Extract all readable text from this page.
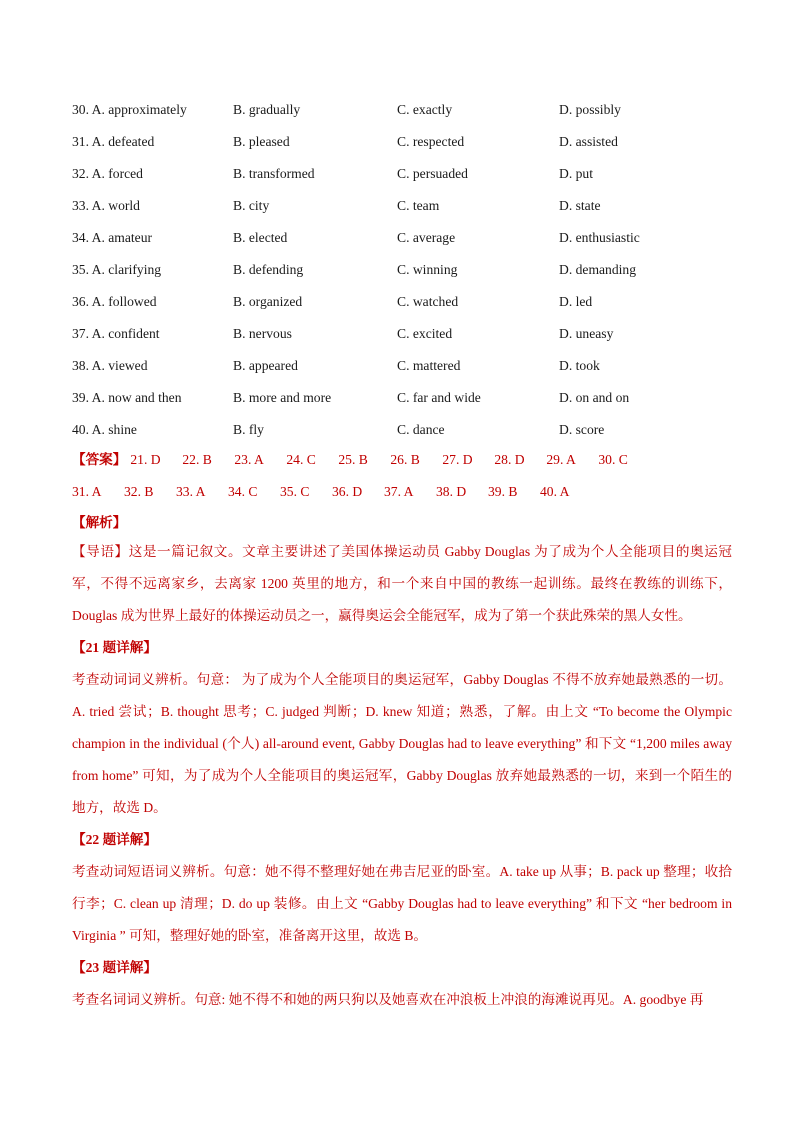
30. A. approximately	B. gradually	C. exactly	D. possibly
31. A. defeated	B. pleased	C. respected	D. assisted
32. A. forced	B. transformed	C. persuaded	D. put
33. A. world	B. city	C. team	D. state
34. A. amateur	B. elected	C. average	D. enthusiastic
35. A. clarifying	B. defending	C. winning	D. demanding
36. A. followed	B. organized	C. watched	D. led
37. A. confident	B. nervous	C. excited	D. uneasy
38. A. viewed	B. appeared	C. mattered	D. took
39. A. now and then	B. more and more	C. far and wide	D. on and on
40. A. shine	B. fly	C. dance	D. score
【答案】 21. D 22. B 23. A 24. C 25. B 26. B 27. D 28. D 29. A 30. C
31. A 32. B 33. A 34. C 35. C 36. D 37. A 38. D 39. B 40. A
【解析】
【导语】这是一篇记叙文。文章主要讲述了美国体操运动员 Gabby Douglas 为了成为个人全能项目的奥运冠军，不得不远离家乡，去离家 1200 英里的地方，和一个来自中国的教练一起训练。最终在教练的训练下，Douglas 成为世界上最好的体操运动员之一，赢得奥运会全能冠军，成为了第一个获此殊荣的黑人女性。
【21 题详解】
考查动词词义辨析。句意： 为了成为个人全能项目的奥运冠军，Gabby Douglas 不得不放弃她最熟悉的一切。A. tried 尝试；B. thought 思考；C. judged 判断；D. knew 知道；熟悉，了解。由上文 “To become the Olympic champion in the individual (个人) all-around event, Gabby Douglas had to leave everything” 和下文 “1,200 miles away from home” 可知，为了成为个人全能项目的奥运冠军，Gabby Douglas 放弃她最熟悉的一切，来到一个陌生的地方，故选 D。
【22 题详解】
考查动词短语词义辨析。句意：她不得不整理好她在弗吉尼亚的卧室。A. take up 从事；B. pack up 整理；收拾行李；C. clean up 清理；D. do up 装修。由上文 “Gabby Douglas had to leave everything” 和下文 “her bedroom in Virginia ” 可知，整理好她的卧室，准备离开这里，故选 B。
【23 题详解】
考查名词词义辨析。句意: 她不得不和她的两只狗以及她喜欢在冲浪板上冲浪的海滩说再见。A. goodbye 再
